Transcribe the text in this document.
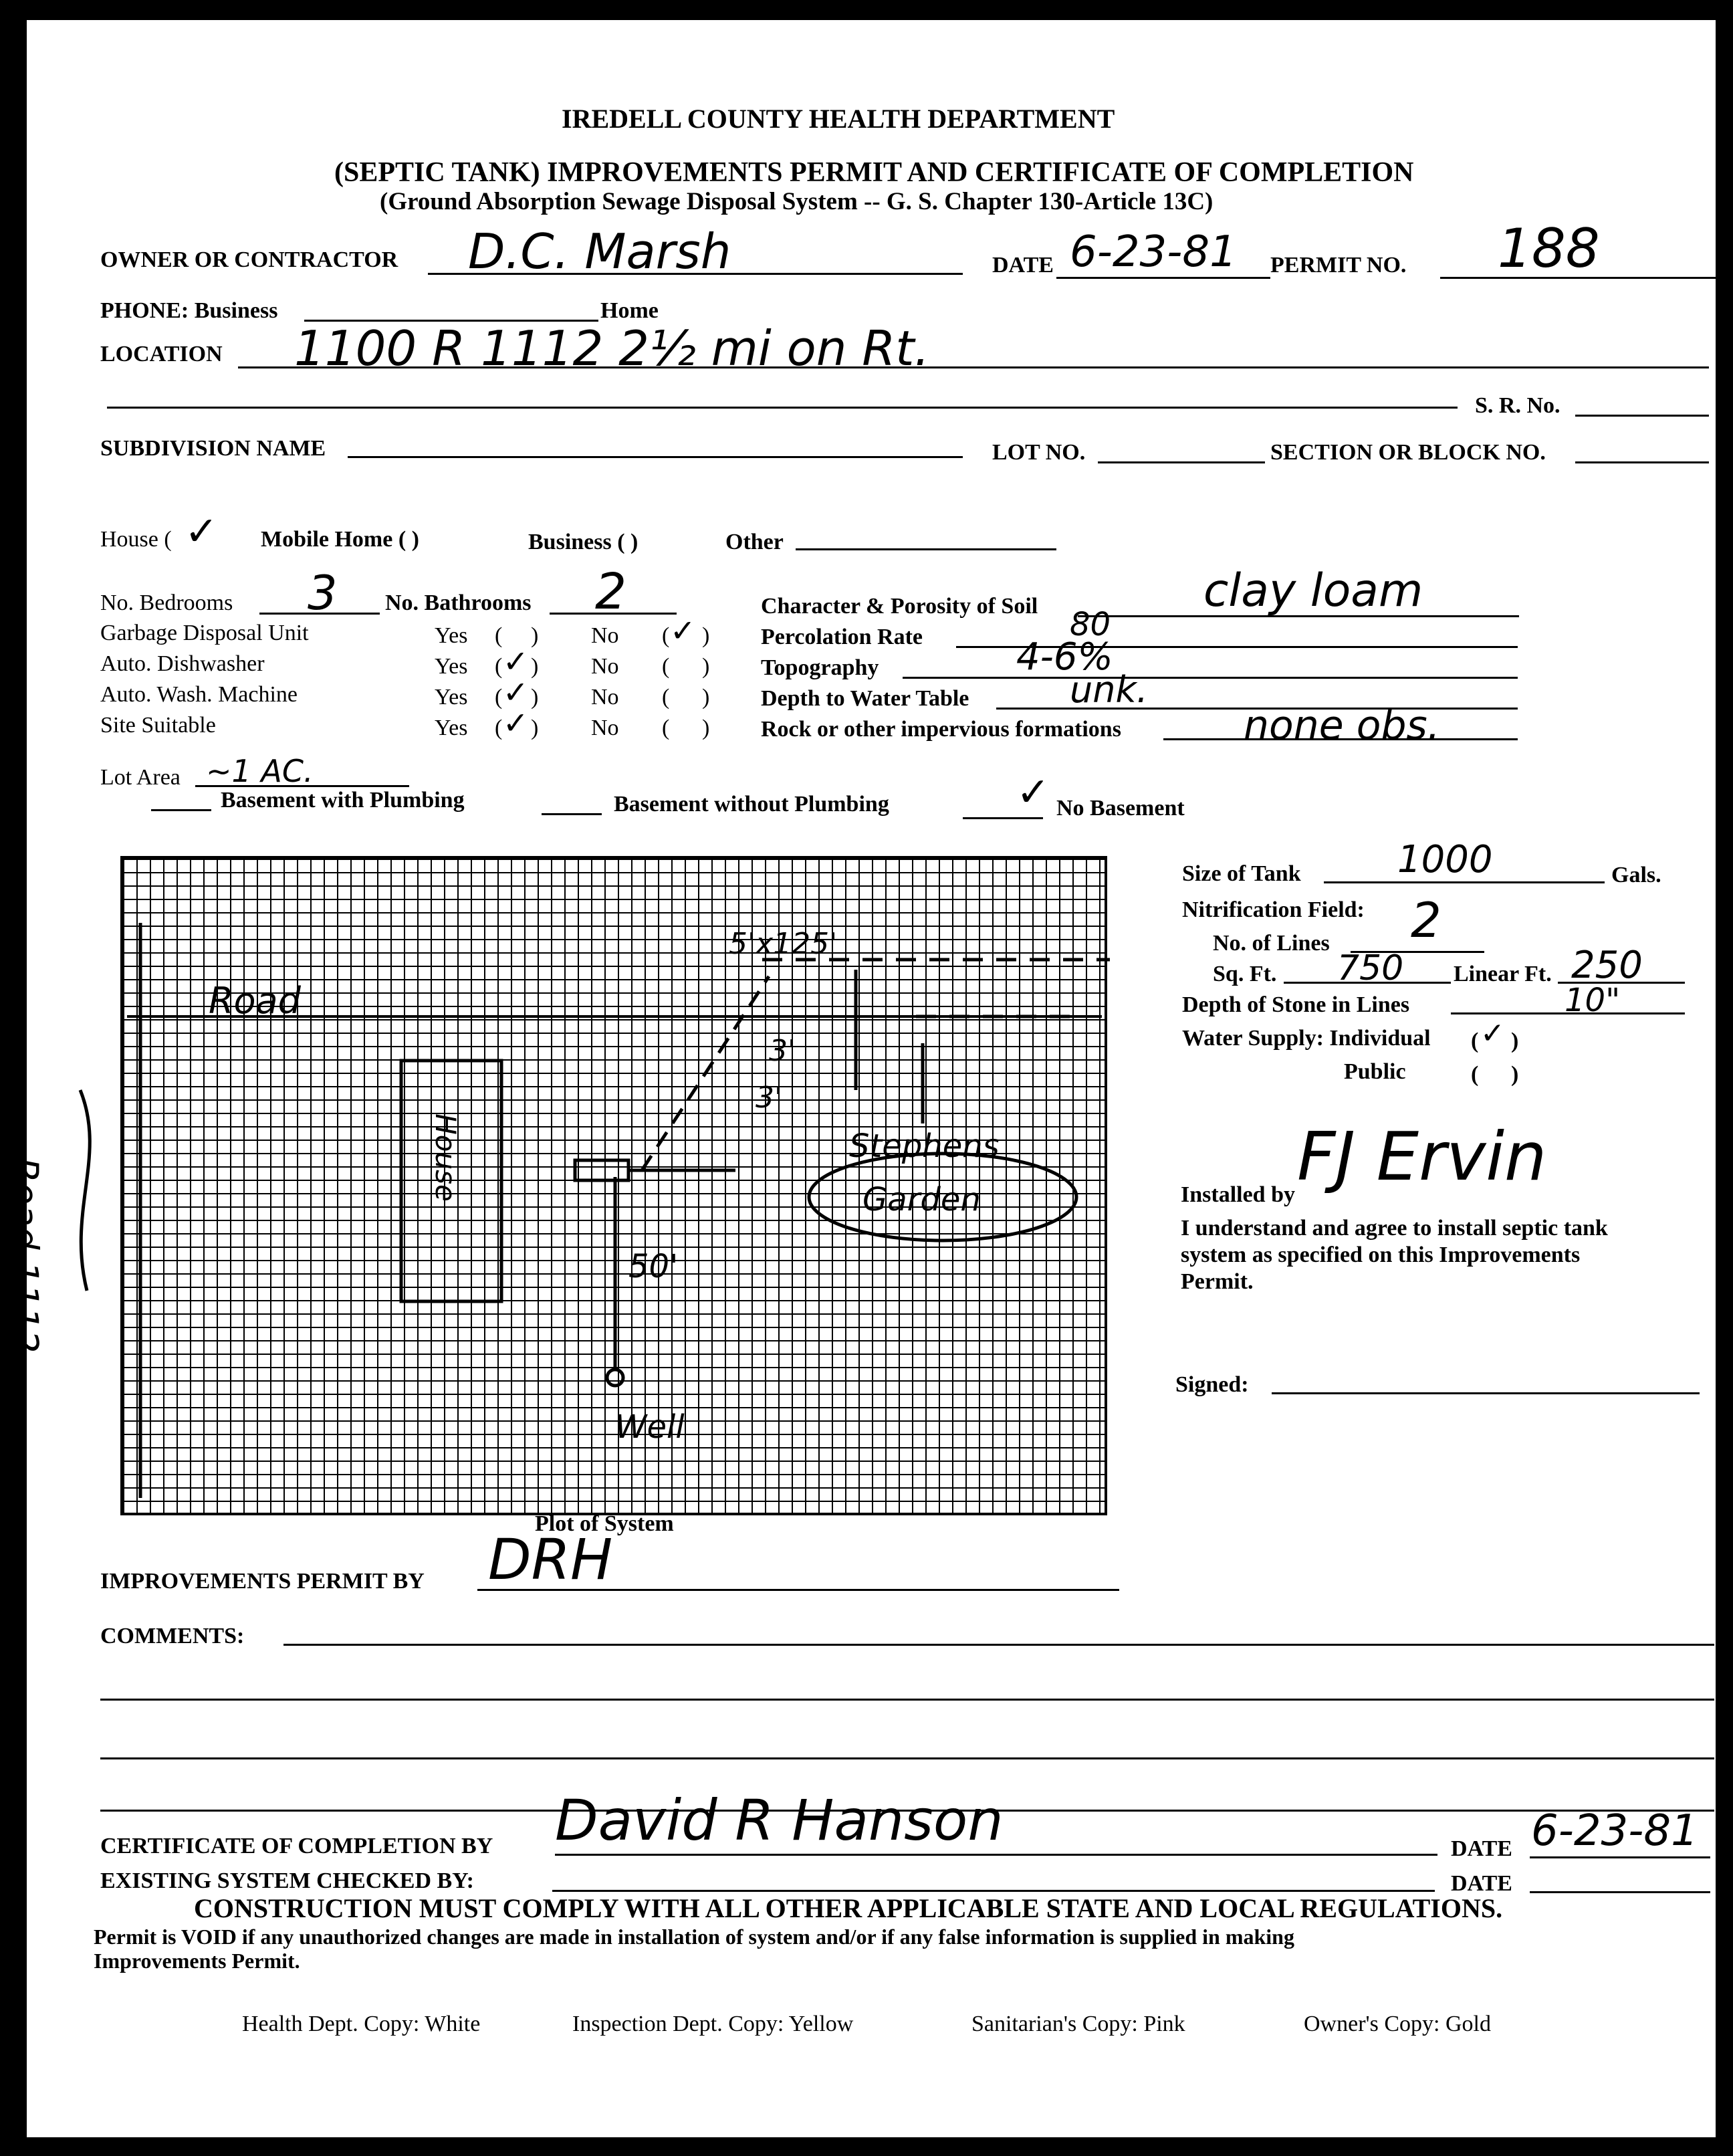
IREDELL COUNTY HEALTH DEPARTMENT
(SEPTIC TANK) IMPROVEMENTS PERMIT AND CERTIFICATE OF COMPLETION
(Ground Absorption Sewage Disposal System -- G. S. Chapter 130-Article 13C)
OWNER OR CONTRACTOR D.C. Marsh	DATE 6-23-81 PERMIT NO. 188
PHONE: Business	Home
LOCATION 1100 R 1112 2½ mi on Rt.
S. R. No.
SUBDIVISION NAME	LOT NO.	SECTION OR BLOCK NO.
House ( ✓ Mobile Home ( )	Business ( )	Other
No. Bedrooms 3 No. Bathrooms 2
Garbage Disposal Unit	Yes ( ) No ( ✓ )
Auto. Dishwasher	Yes ( ✓ ) No ( )
Auto. Wash. Machine	Yes ( ✓ ) No ( )
Site Suitable	Yes ( ✓ ) No ( )
Character & Porosity of Soil	clay loam
Percolation Rate	80
Topography	4-6%
Depth to Water Table	unk.
Rock or other impervious formations	none obs.
Lot Area ~1 AC.
Basement with Plumbing	Basement without Plumbing	✓ No Basement
Road
Road 1112	House
5'x125'
3'
3'
50'
Well
Stephens
Garden
Plot of System
Size of Tank	1000	Gals.
Nitrification Field:
No. of Lines 2
Sq. Ft. 750 Linear Ft. 250
Depth of Stone in Lines	10"
Water Supply: Individual ( ✓ )
Public	( )
Installed by FJ Ervin
I understand and agree to install septic tank
system as specified on this Improvements
Permit.
Signed:
IMPROVEMENTS PERMIT BY DRH
COMMENTS:
CERTIFICATE OF COMPLETION BY David R Hanson	DATE 6-23-81
EXISTING SYSTEM CHECKED BY:	DATE
CONSTRUCTION MUST COMPLY WITH ALL OTHER APPLICABLE STATE AND LOCAL REGULATIONS.
Permit is VOID if any unauthorized changes are made in installation of system and/or if any false information is supplied in making
Improvements Permit.
Health Dept. Copy: White	Inspection Dept. Copy: Yellow	Sanitarian's Copy: Pink	Owner's Copy: Gold
